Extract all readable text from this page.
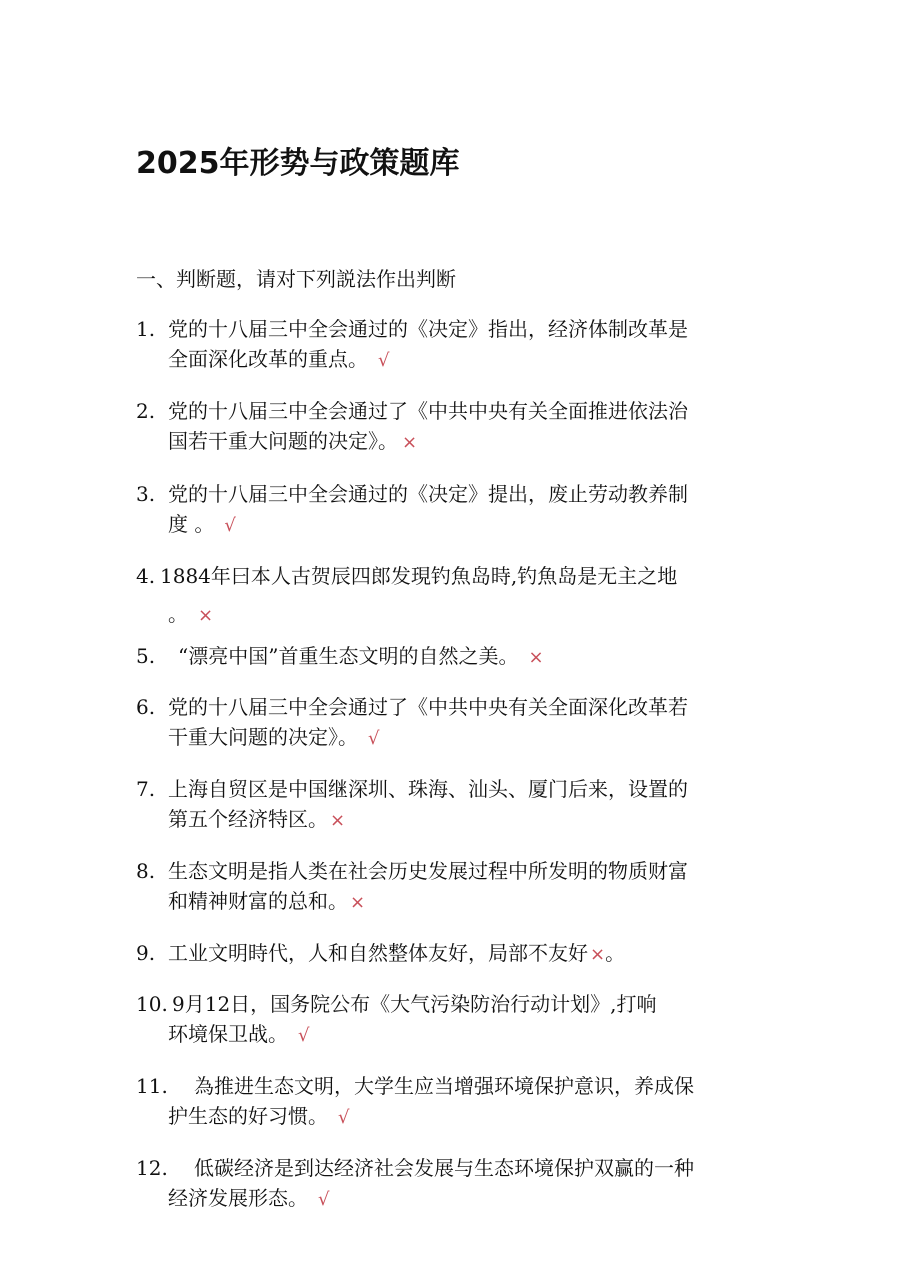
2025年形势与政策题库
一、判断题，请对下列説法作出判断
1. 党的十八届三中全会通过的《决定》指出，经济体制改革是
全面深化改革的重点。 √
2. 党的十八届三中全会通过了《中共中央有关全面推进依法治
国若干重大问题的决定》。 ×
3. 党的十八届三中全会通过的《决定》提出，废止劳动教养制
度 。 √
4. 1884年曰本人古贺辰四郎发現钓魚岛時,钓魚岛是无主之地
。 ×
5. “漂亮中国”首重生态文明的自然之美。 ×
6. 党的十八届三中全会通过了《中共中央有关全面深化改革若
干重大问题的决定》。 √
7. 上海自贸区是中国继深圳、珠海、汕头、厦门后来，设置的
第五个经济特区。 ×
8. 生态文明是指人类在社会历史发展过程中所发明的物质财富
和精神财富的总和。 ×
9. 工业文明時代，人和自然整体友好，局部不友好 ×。
10. 9月12日，国务院公布《大气污染防治行动计划》,打响
环境保卫战。 √
11. 為推进生态文明，大学生应当增强环境保护意识，养成保
护生态的好习惯。 √
12. 低碳经济是到达经济社会发展与生态环境保护双赢的一种
经济发展形态。 √
